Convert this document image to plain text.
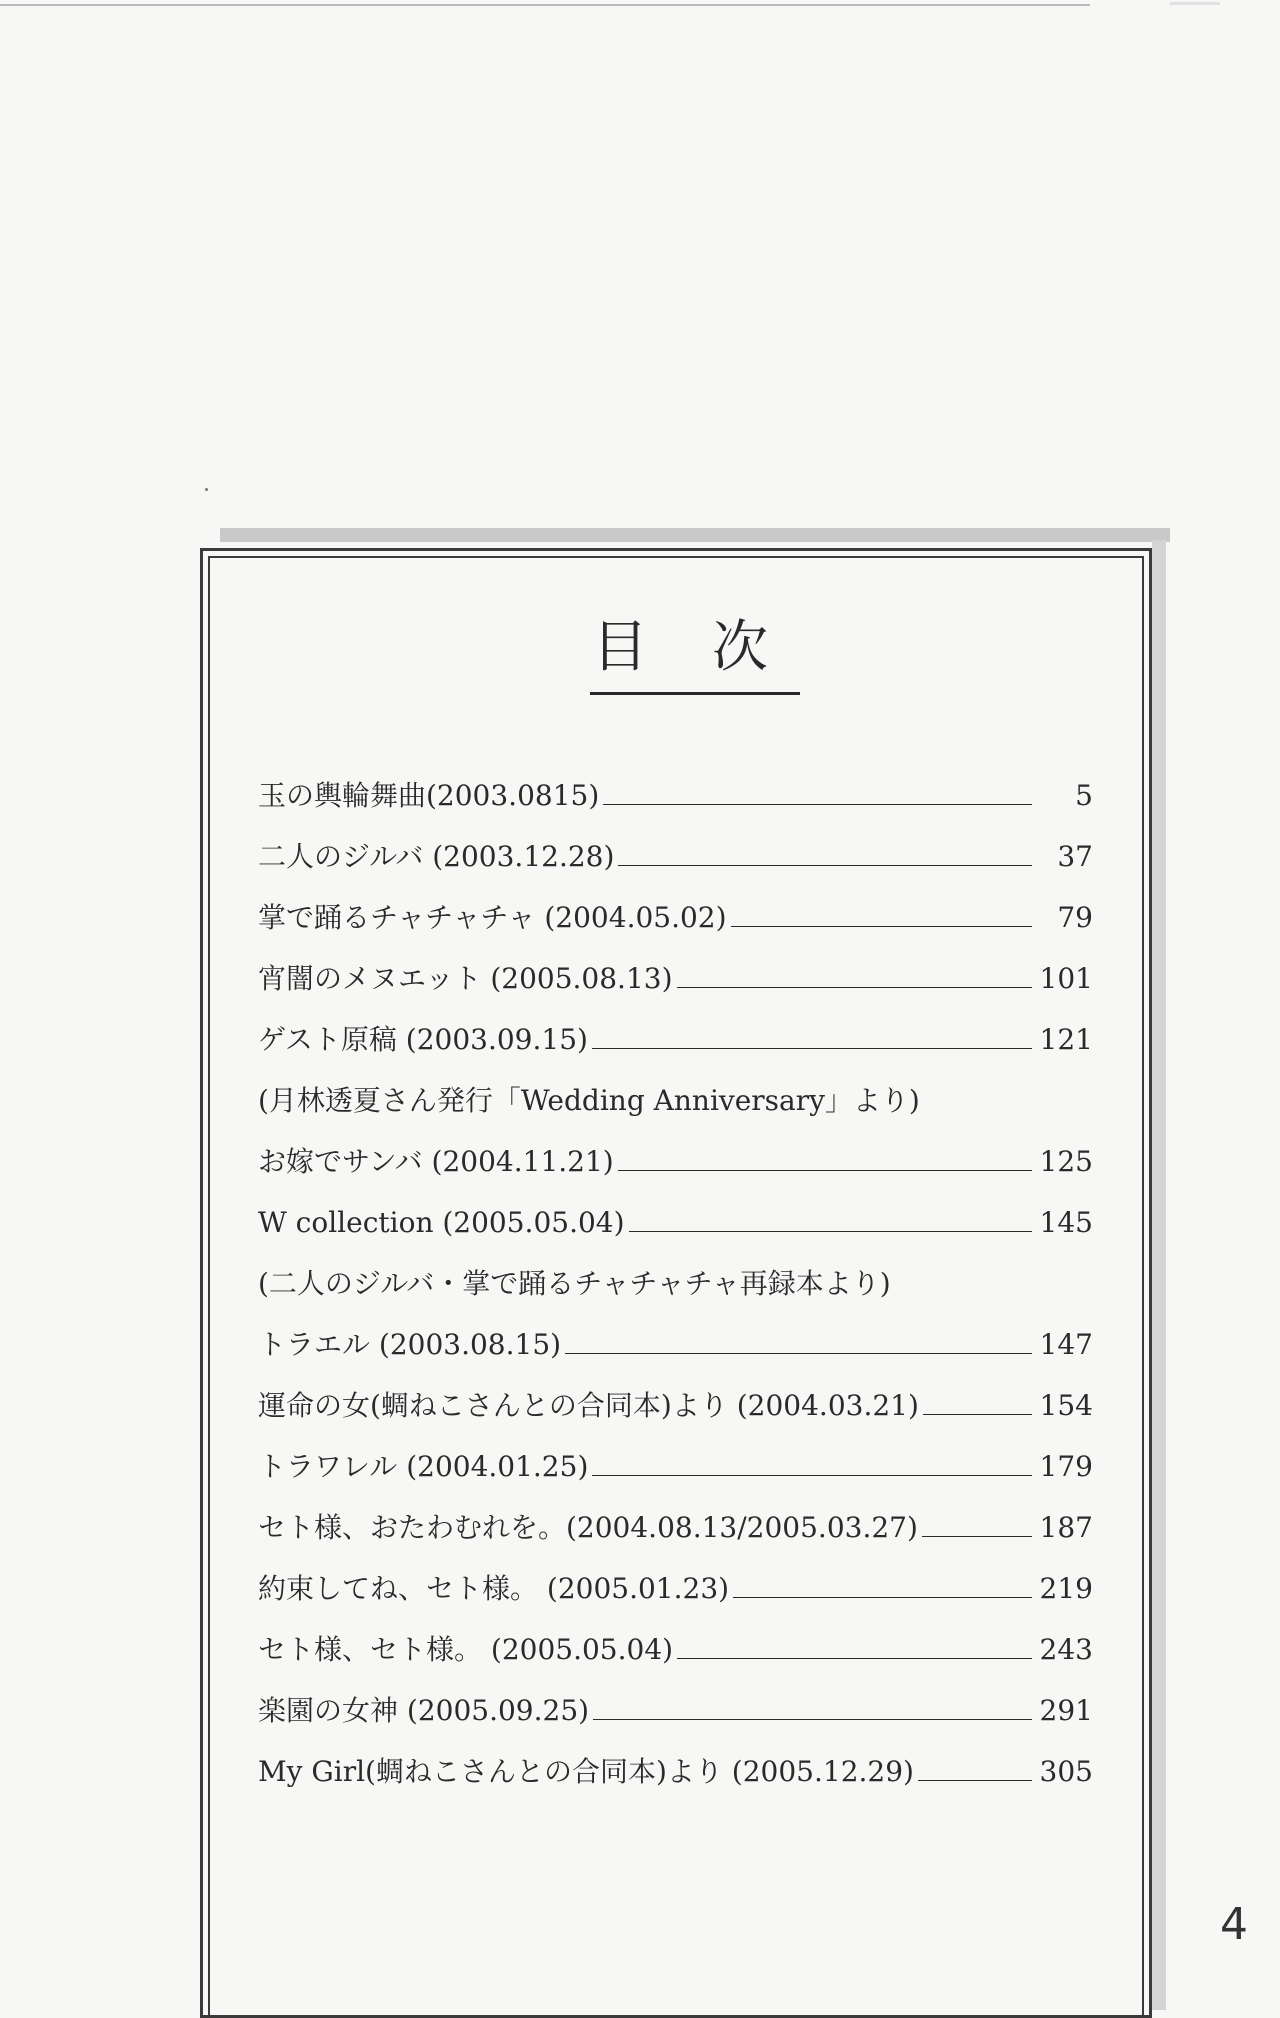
目次
玉の輿輪舞曲(2003.0815)	5
二人のジルバ (2003.12.28)	37
掌で踊るチャチャチャ (2004.05.02)	79
宵闇のメヌエット (2005.08.13)	101
ゲスト原稿 (2003.09.15)	121
(月林透夏さん発行「Wedding Anniversary」より)
お嫁でサンバ (2004.11.21)	125
W collection (2005.05.04)	145
(二人のジルバ・掌で踊るチャチャチャ再録本より)
トラエル (2003.08.15)	147
運命の女(蜩ねこさんとの合同本)より (2004.03.21)	154
トラワレル (2004.01.25)	179
セト様、おたわむれを。(2004.08.13/2005.03.27)	187
約束してね、セト様。 (2005.01.23)	219
セト様、セト様。 (2005.05.04)	243
楽園の女神 (2005.09.25)	291
My Girl(蜩ねこさんとの合同本)より (2005.12.29)	305
4
